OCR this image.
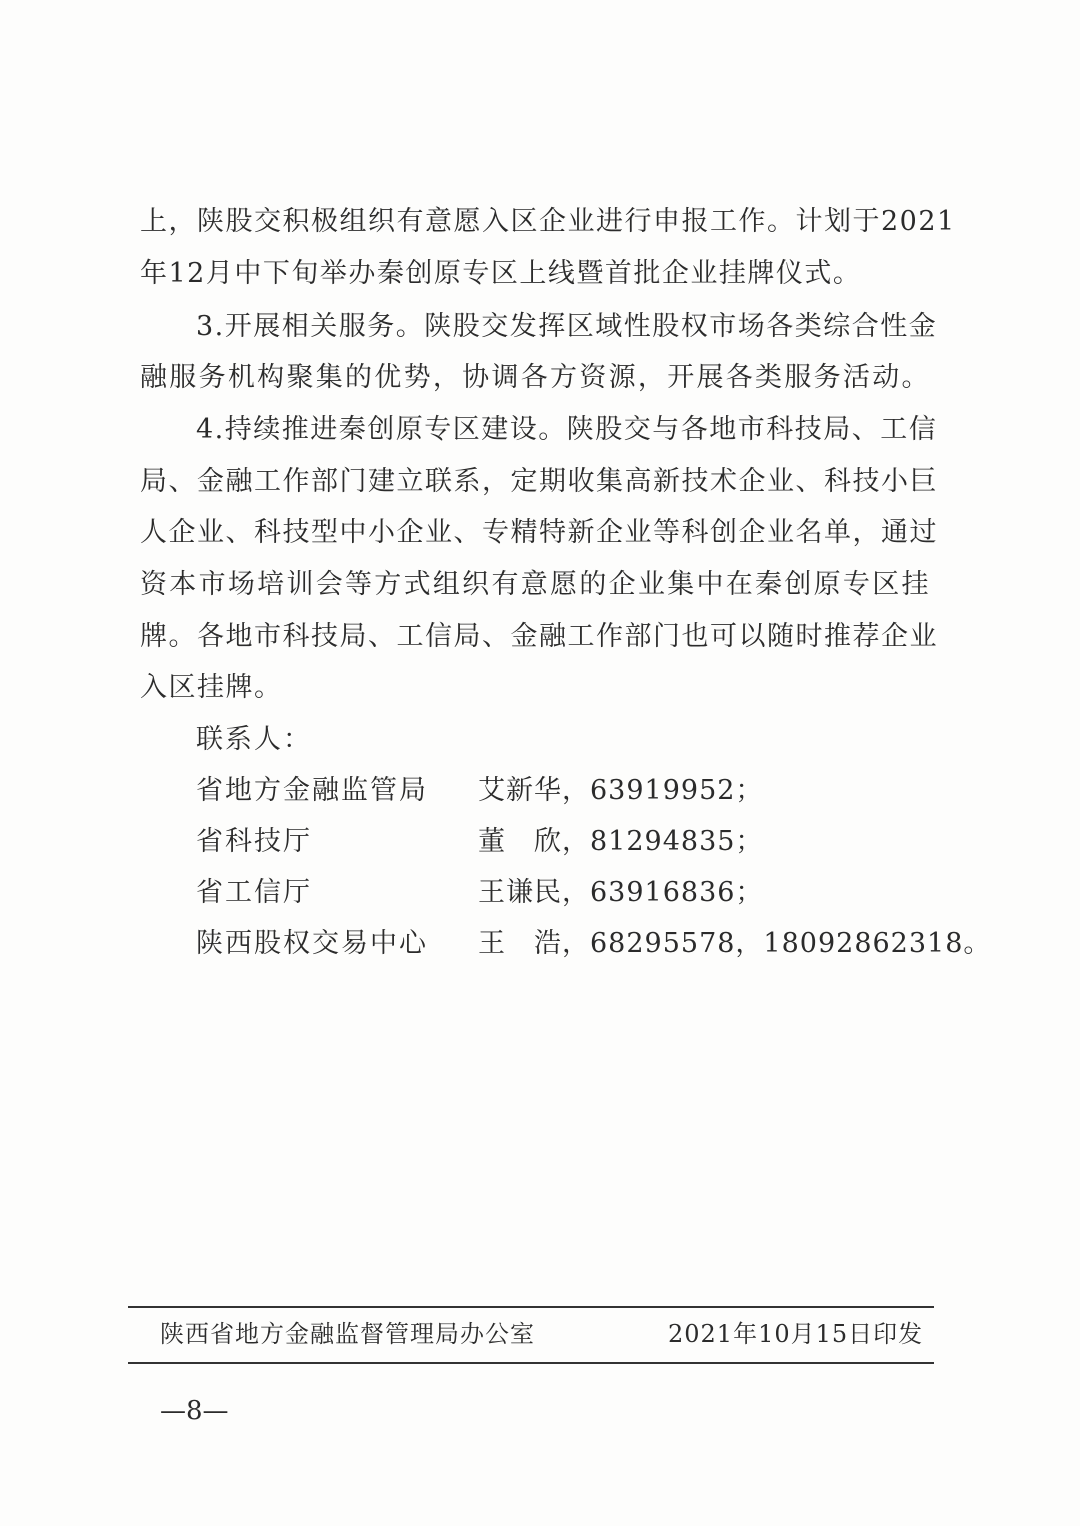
上，陕股交积极组织有意愿入区企业进行申报工作。计划于2021
年12月中下旬举办秦创原专区上线暨首批企业挂牌仪式。
3.开展相关服务。陕股交发挥区域性股权市场各类综合性金
融服务机构聚集的优势，协调各方资源，开展各类服务活动。
4.持续推进秦创原专区建设。陕股交与各地市科技局、工信
局、金融工作部门建立联系，定期收集高新技术企业、科技小巨
人企业、科技型中小企业、专精特新企业等科创企业名单，通过
资本市场培训会等方式组织有意愿的企业集中在秦创原专区挂
牌。各地市科技局、工信局、金融工作部门也可以随时推荐企业
入区挂牌。
联系人：
省地方金融监管局	艾新华，63919952；
省科技厅	董　欣，81294835；
省工信厅	王谦民，63916836；
陕西股权交易中心	王　浩，68295578，18092862318。
陕西省地方金融监督管理局办公室	2021年10月15日印发
—8—
